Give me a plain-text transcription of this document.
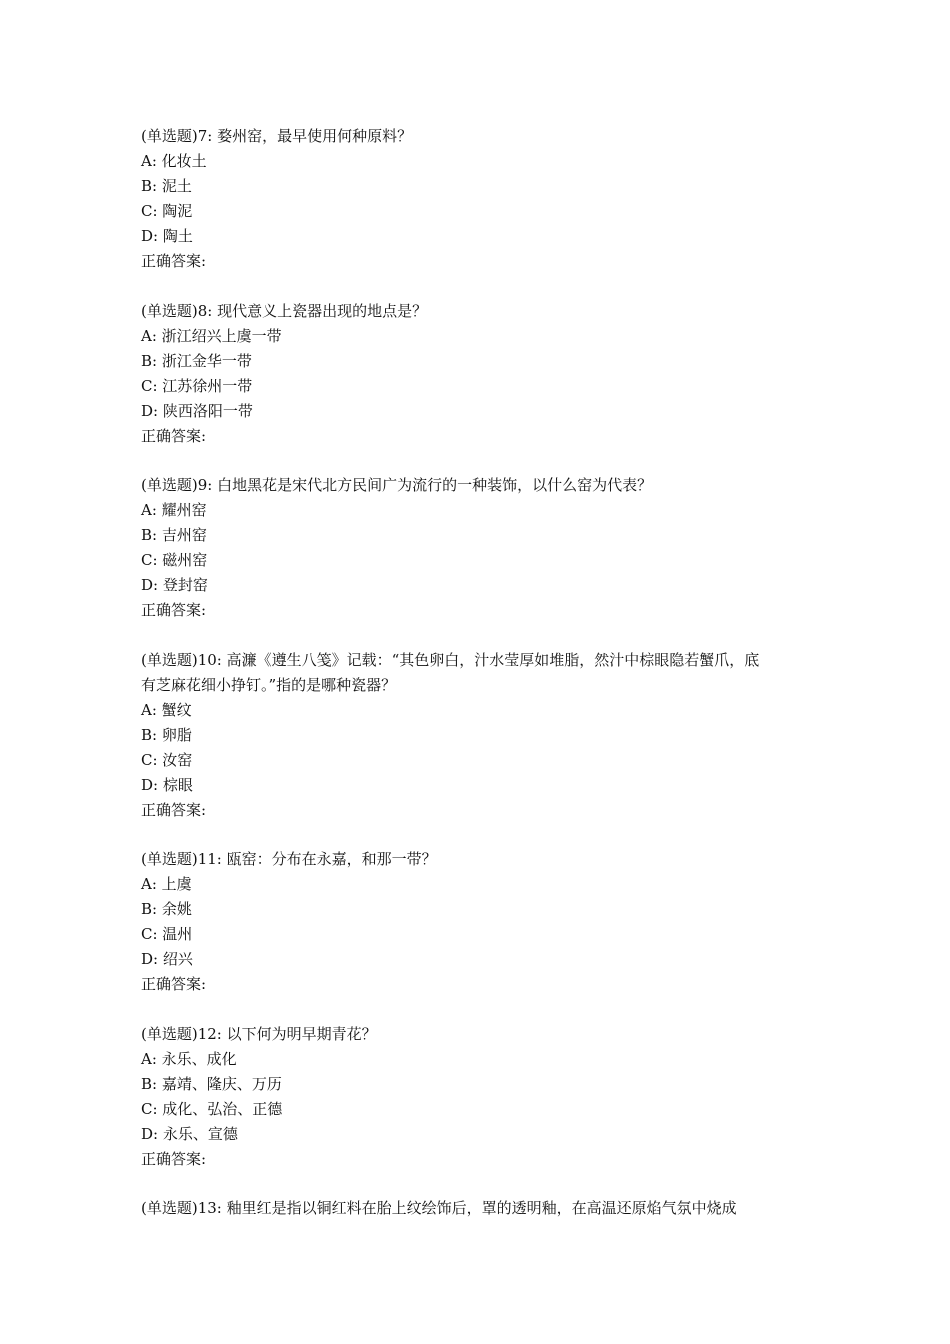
(单选题)7: 婺州窑，最早使用何种原料？

A: 化妆土

B: 泥土

C: 陶泥

D: 陶土

正确答案:

(单选题)8: 现代意义上瓷器出现的地点是？

A: 浙江绍兴上虞一带

B: 浙江金华一带

C: 江苏徐州一带

D: 陕西洛阳一带

正确答案:

(单选题)9: 白地黑花是宋代北方民间广为流行的一种装饰，以什么窑为代表？

A: 耀州窑

B: 吉州窑

C: 磁州窑

D: 登封窑

正确答案:

(单选题)10: 高濂《遵生八笺》记载：“其色卵白，汁水莹厚如堆脂，然汁中棕眼隐若蟹爪，底

有芝麻花细小挣钉。”指的是哪种瓷器？

A: 蟹纹

B: 卵脂

C: 汝窑

D: 棕眼

正确答案:

(单选题)11: 瓯窑：分布在永嘉，和那一带？

A: 上虞

B: 余姚

C: 温州

D: 绍兴

正确答案:

(单选题)12: 以下何为明早期青花？

A: 永乐、成化

B: 嘉靖、隆庆、万历

C: 成化、弘治、正德

D: 永乐、宣德

正确答案:

(单选题)13: 釉里红是指以铜红料在胎上纹绘饰后，罩的透明釉，在高温还原焰气氛中烧成
